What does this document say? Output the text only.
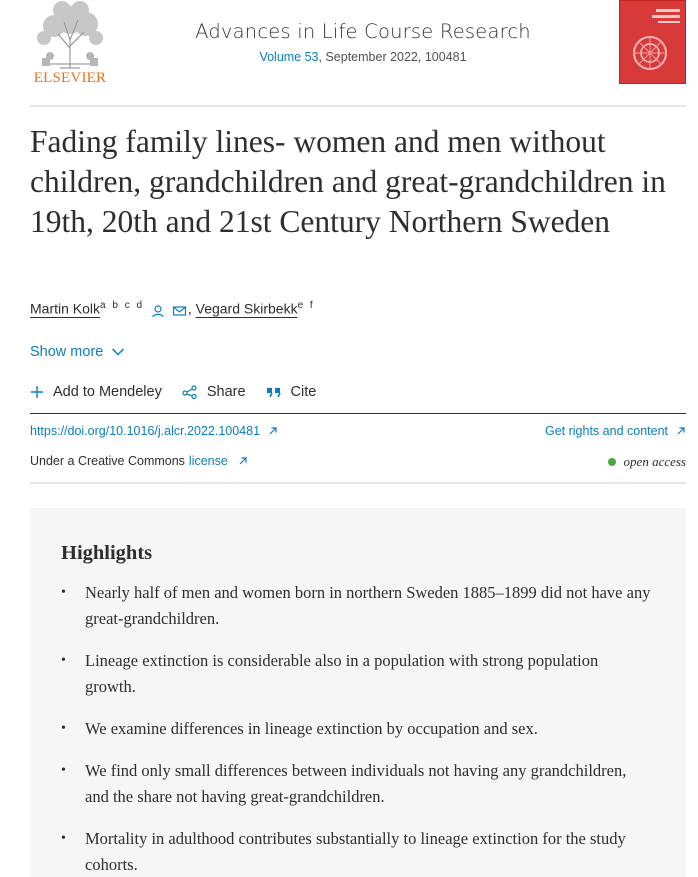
ELSEVIER
Advances in Life Course Research
Volume 53, September 2022, 100481
Fading family lines- women and men without children, grandchildren and great-grandchildren in 19th, 20th and 21st Century Northern Sweden
Martin Kolk$^{a b c d}$	, Vegard Skirbekk$^{e f}$
Show more
Add to Mendeley	Share	Cite
https://doi.org/10.1016/j.alcr.2022.100481	Get rights and content
Under a Creative Commons license	open access
Highlights
• Nearly half of men and women born in northern Sweden 1885–1899 did not have any great-grandchildren.
• Lineage extinction is considerable also in a population with strong population growth.
• We examine differences in lineage extinction by occupation and sex.
• We find only small differences between individuals not having any grandchildren, and the share not having great-grandchildren.
• Mortality in adulthood contributes substantially to lineage extinction for the study cohorts.
